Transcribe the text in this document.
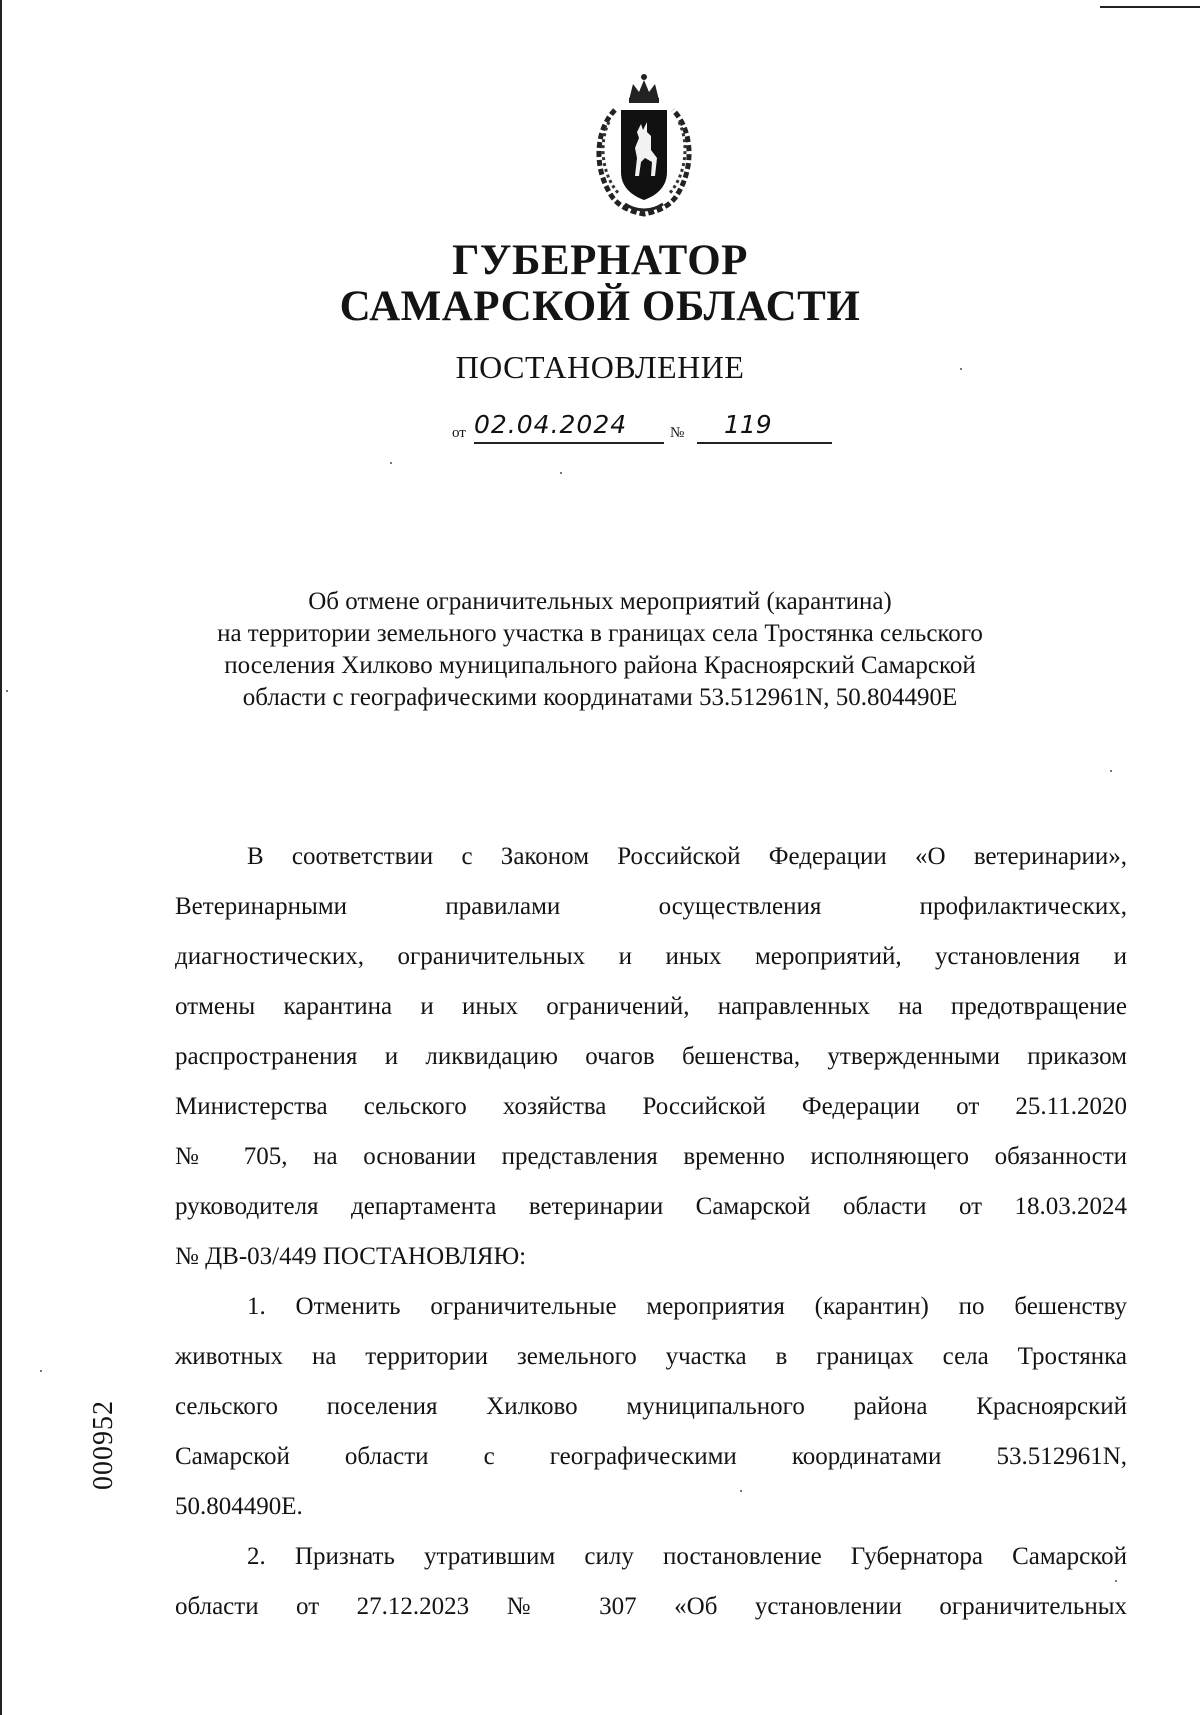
ГУБЕРНАТОР
САМАРСКОЙ ОБЛАСТИ
ПОСТАНОВЛЕНИЕ
от 02.04.2024	№ 119
Об отмене ограничительных мероприятий (карантина)
на территории земельного участка в границах села Тростянка сельского
поселения Хилково муниципального района Красноярский Самарской
области с географическими координатами 53.512961N, 50.804490E
В соответствии с Законом Российской Федерации «О ветеринарии»,
Ветеринарными правилами осуществления профилактических,
диагностических, ограничительных и иных мероприятий, установления и
отмены карантина и иных ограничений, направленных на предотвращение
распространения и ликвидацию очагов бешенства, утвержденными приказом
Министерства сельского хозяйства Российской Федерации от 25.11.2020
№ 705, на основании представления временно исполняющего обязанности
руководителя департамента ветеринарии Самарской области от 18.03.2024
№ ДВ-03/449 ПОСТАНОВЛЯЮ:
1. Отменить ограничительные мероприятия (карантин) по бешенству
животных на территории земельного участка в границах села Тростянка
сельского поселения Хилково муниципального района Красноярский
Самарской области с географическими координатами 53.512961N,
50.804490E.
2. Признать утратившим силу постановление Губернатора Самарской
области от 27.12.2023 № 307 «Об установлении ограничительных
000952
